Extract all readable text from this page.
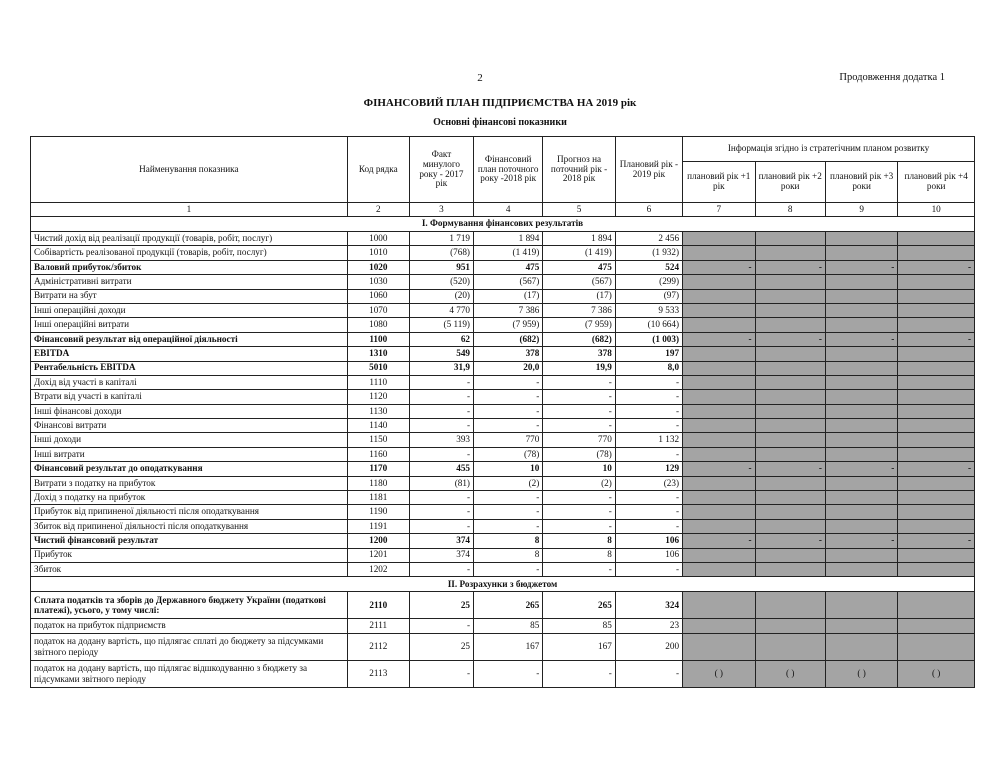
2	Продовження додатка 1
ФІНАНСОВИЙ ПЛАН ПІДПРИЄМСТВА НА 2019 рік
Основні фінансові показники
Найменування показника	Код рядка	Факт минулого року - 2017 рік	Фінансовий план поточного року -2018 рік	Прогноз на поточний рік - 2018 рік	Плановий рік - 2019 рік	Інформація згідно із стратегічним планом розвитку			
						плановий рік +1 рік	плановий рік +2 роки	плановий рік +3 роки	плановий рік +4 роки
1	2	3	4	5	6	7	8	9	10
І. Формування фінансових результатів									
Чистий дохід від реалізації продукції (товарів, робіт, послуг)	1000	1 719	1 894	1 894	2 456				
Собівартість реалізованої продукції (товарів, робіт, послуг)	1010	(768)	(1 419)	(1 419)	(1 932)				
Валовий прибуток/збиток	1020	951	475	475	524	-	-	-	-
Адміністративні витрати	1030	(520)	(567)	(567)	(299)				
Витрати на збут	1060	(20)	(17)	(17)	(97)				
Інші операційні доходи	1070	4 770	7 386	7 386	9 533				
Інші операційні витрати	1080	(5 119)	(7 959)	(7 959)	(10 664)				
Фінансовий результат від операційної діяльності	1100	62	(682)	(682)	(1 003)	-	-	-	-
EBITDA	1310	549	378	378	197				
Рентабельність EBITDA	5010	31,9	20,0	19,9	8,0				
Дохід від участі в капіталі	1110	-	-	-	-				
Втрати від участі в капіталі	1120	-	-	-	-				
Інші фінансові доходи	1130	-	-	-	-				
Фінансові витрати	1140	-	-	-	-				
Інші доходи	1150	393	770	770	1 132				
Інші витрати	1160	-	(78)	(78)	-				
Фінансовий результат до оподаткування	1170	455	10	10	129	-	-	-	-
Витрати з податку на прибуток	1180	(81)	(2)	(2)	(23)				
Дохід з податку на прибуток	1181	-	-	-	-				
Прибуток від припиненої діяльності після оподаткування	1190	-	-	-	-				
Збиток від припиненої діяльності після оподаткування	1191	-	-	-	-				
Чистий фінансовий результат	1200	374	8	8	106	-	-	-	-
Прибуток	1201	374	8	8	106				
Збиток	1202	-	-	-	-				
ІІ. Розрахунки з бюджетом									
Сплата податків та зборів до Державного бюджету України (податкові платежі), усього, у тому числі:	2110	25	265	265	324				
податок на прибуток підприємств	2111	-	85	85	23				
податок на додану вартість, що підлягає сплаті до бюджету за підсумками звітного періоду	2112	25	167	167	200				
податок на додану вартість, що підлягає відшкодуванню з бюджету за підсумками звітного періоду	2113	-	-	-	-	( )	( )	( )	( )
